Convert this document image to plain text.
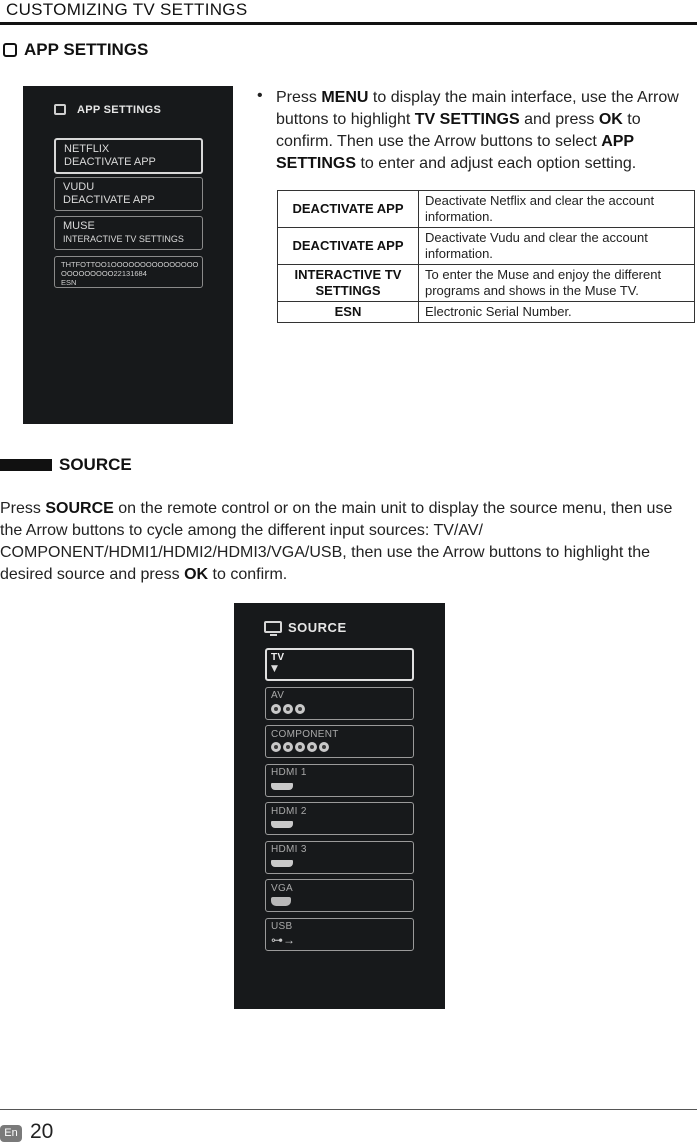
CUSTOMIZING TV SETTINGS
APP SETTINGS
APP SETTINGS
NETFLIX
DEACTIVATE APP
VUDU
DEACTIVATE APP
MUSE
INTERACTIVE TV SETTINGS
THTFOTTOO1OOOOOOOOOOOOOOO
OOOOOOOOO22131684
ESN
• Press MENU to display the main interface, use the Arrow buttons to highlight TV SETTINGS and press OK to confirm. Then use the Arrow buttons to select APP SETTINGS to enter and adjust each option setting.
DEACTIVATE APP	Deactivate Netflix and clear the account information.
DEACTIVATE APP	Deactivate Vudu and clear the account information.
INTERACTIVE TV SETTINGS	To enter the Muse and enjoy the different programs and shows in the Muse TV.
ESN	Electronic Serial Number.
SOURCE
Press SOURCE on the remote control or on the main unit to display the source menu, then use the Arrow buttons to cycle among the different input sources: TV/AV/ COMPONENT/HDMI1/HDMI2/HDMI3/VGA/USB, then use the Arrow buttons to highlight the desired source and press OK to confirm.
SOURCE
TV
▼
AV
COMPONENT
HDMI 1
HDMI 2
HDMI 3
VGA
USB
⊶→
En 20
